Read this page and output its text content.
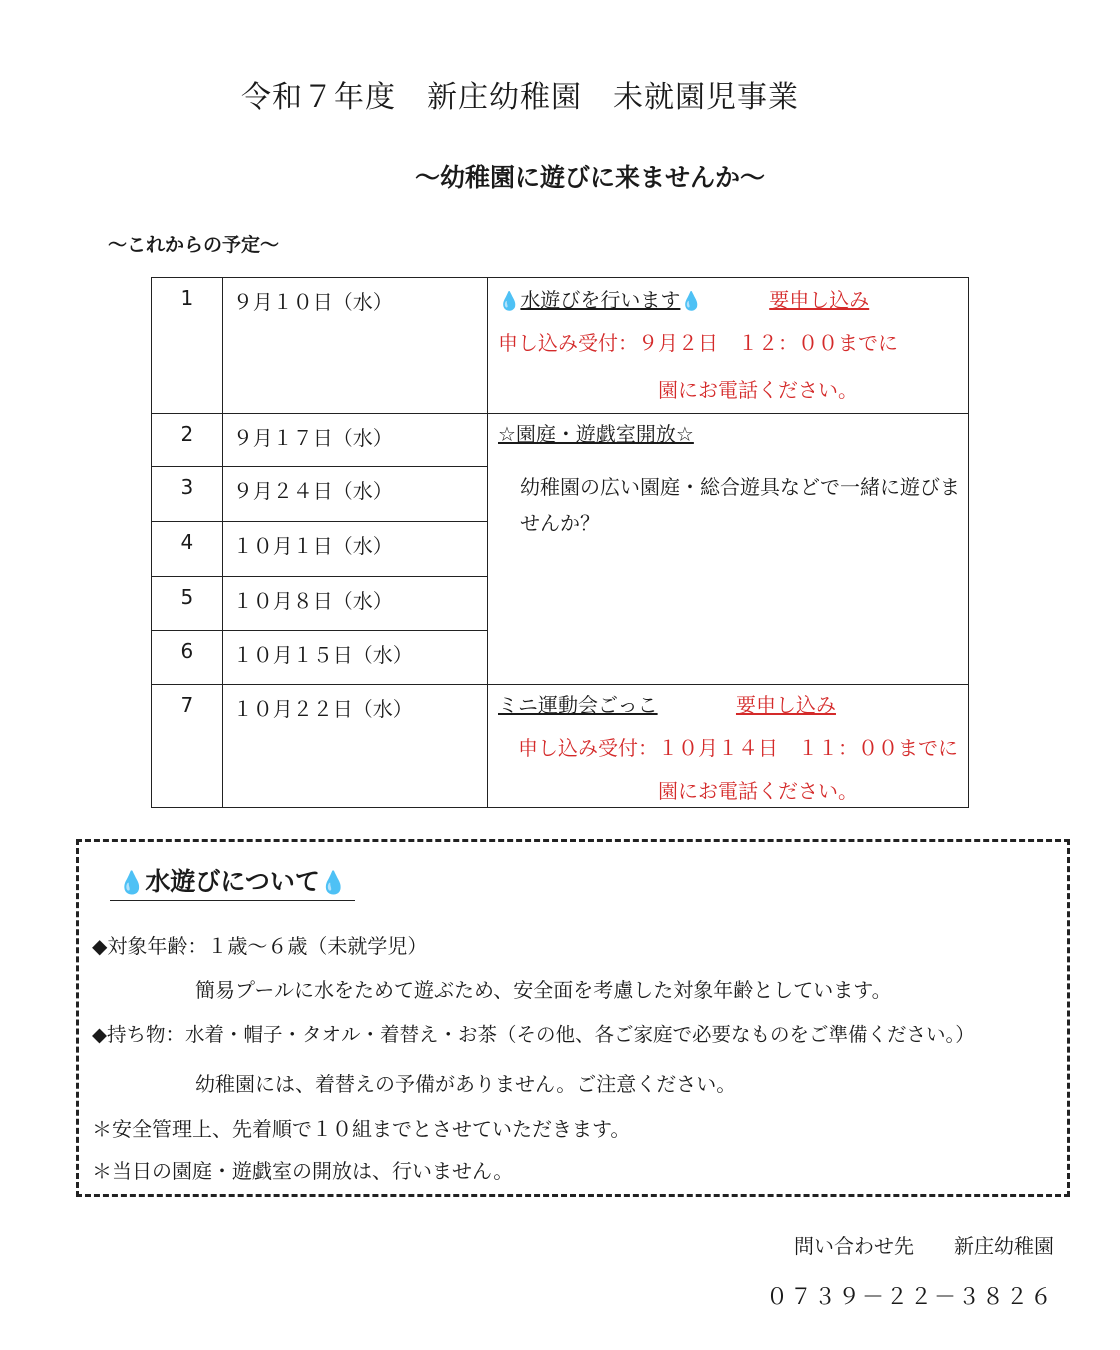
令和７年度　新庄幼稚園　未就園児事業
～幼稚園に遊びに来ませんか～
～これからの予定～
1	９月１０日（水）	💧水遊びを行います💧 要申し込み
申し込み受付：９月２日　１２：００までに
園にお電話ください。

2	９月１７日（水）	☆園庭・遊戯室開放☆
幼稚園の広い園庭・総合遊具などで一緒に遊びませんか？

3	９月２４日（水）	
4	１０月１日（水）	
5	１０月８日（水）	
6	１０月１５日（水）	
7	１０月２２日（水）	ミニ運動会ごっこ 要申し込み
申し込み受付：１０月１４日　１１：００までに
園にお電話ください。
💧水遊びについて💧
◆対象年齢：１歳～６歳（未就学児）
簡易プールに水をためて遊ぶため、安全面を考慮した対象年齢としています。
◆持ち物：水着・帽子・タオル・着替え・お茶（その他、各ご家庭で必要なものをご準備ください。）
幼稚園には、着替えの予備がありません。ご注意ください。
＊安全管理上、先着順で１０組までとさせていただきます。
＊当日の園庭・遊戯室の開放は、行いません。
問い合わせ先 新庄幼稚園
０７３９－２２－３８２６
